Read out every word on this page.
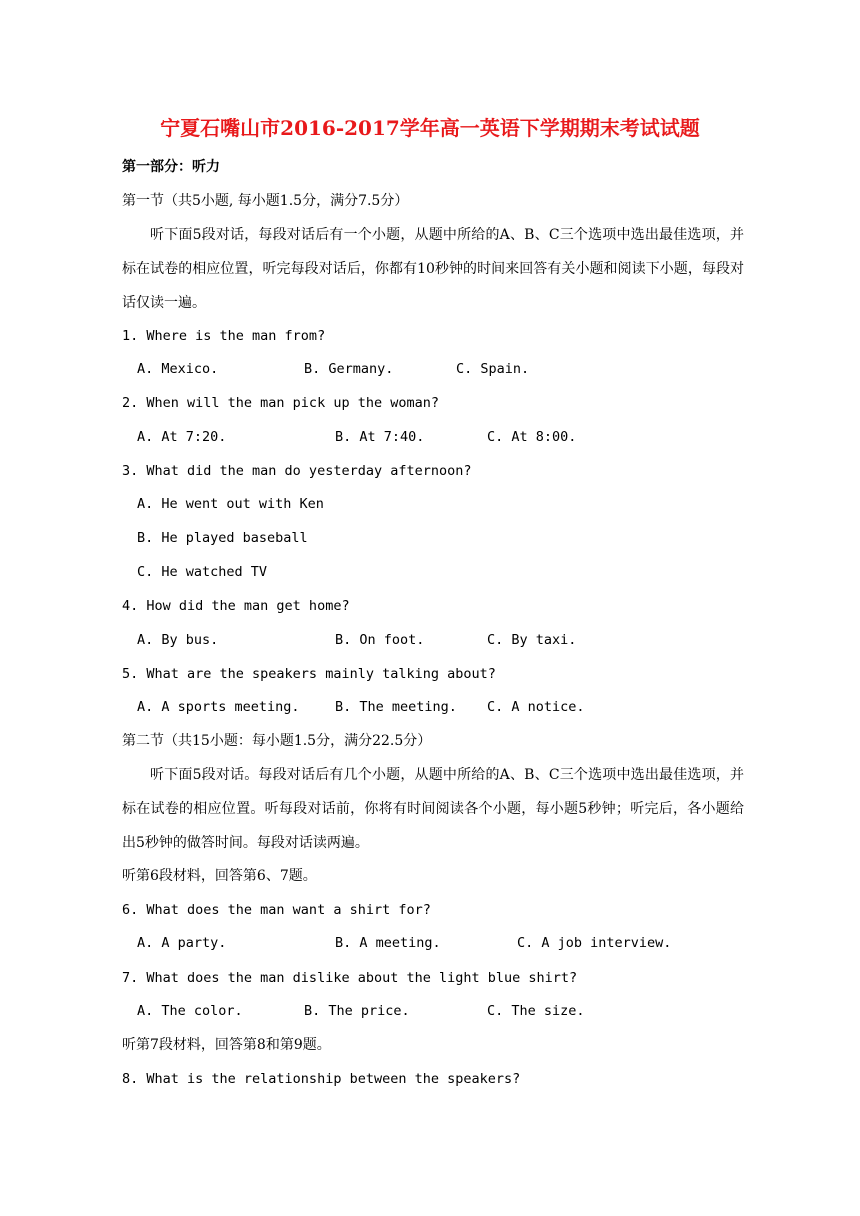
宁夏石嘴山市2016-2017学年高一英语下学期期末考试试题
第一部分：听力
第一节（共5小题, 每小题1.5分，满分7.5分）
听下面5段对话，每段对话后有一个小题，从题中所给的A、B、C三个选项中选出最佳选项，并标在试卷的相应位置，听完每段对话后，你都有10秒钟的时间来回答有关小题和阅读下小题，每段对话仅读一遍。
1. Where is the man from?
A. Mexico.	B. Germany.	C. Spain.
2. When will the man pick up the woman?
A. At 7:20.	B. At 7:40.	C. At 8:00.
3. What did the man do yesterday afternoon?
A. He went out with Ken
B. He played baseball
C. He watched TV
4. How did the man get home?
A. By bus.	B. On foot.	C. By taxi.
5. What are the speakers mainly talking about?
A. A sports meeting.	B. The meeting. C. A notice.
第二节（共15小题：每小题1.5分，满分22.5分）
听下面5段对话。每段对话后有几个小题，从题中所给的A、B、C三个选项中选出最佳选项，并标在试卷的相应位置。听每段对话前，你将有时间阅读各个小题，每小题5秒钟；听完后，各小题给出5秒钟的做答时间。每段对话读两遍。
听第6段材料，回答第6、7题。
6. What does the man want a shirt for?
A. A party.	B. A meeting.	C. A job interview.
7. What does the man dislike about the light blue shirt?
A. The color.	B. The price.	C. The size.
听第7段材料，回答第8和第9题。
8. What is the relationship between the speakers?
